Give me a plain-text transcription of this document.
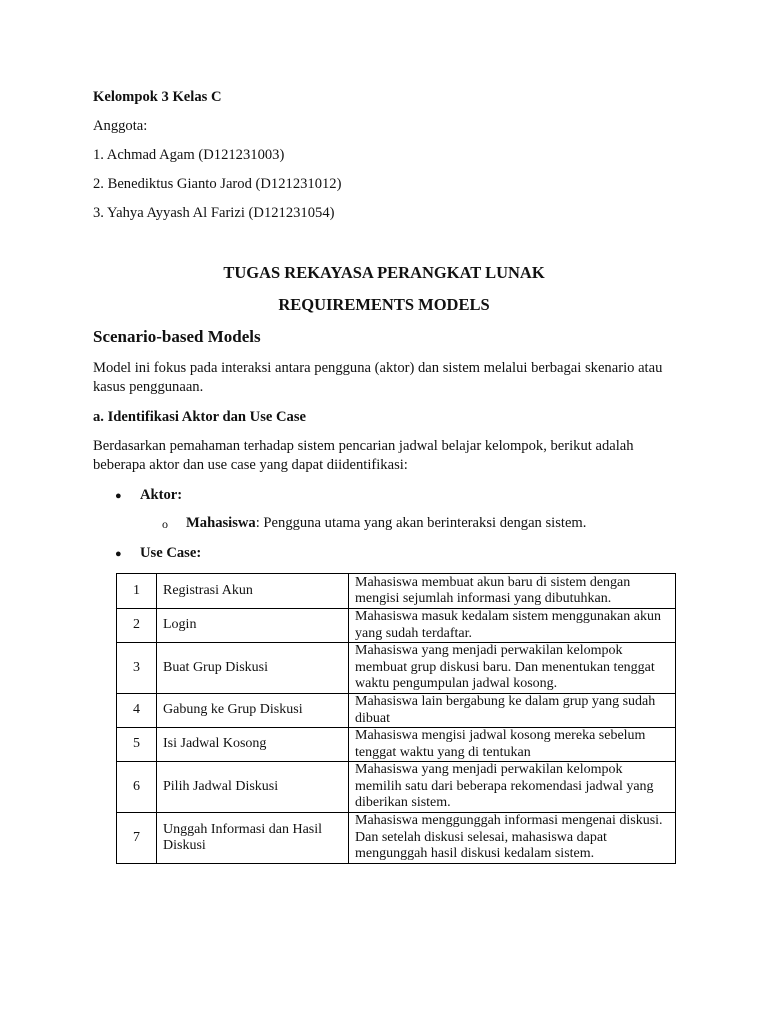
Kelompok 3 Kelas C
Anggota:
1. Achmad Agam (D121231003)
2. Benediktus Gianto Jarod (D121231012)
3. Yahya Ayyash Al Farizi (D121231054)
TUGAS REKAYASA PERANGKAT LUNAK
REQUIREMENTS MODELS
Scenario-based Models
Model ini fokus pada interaksi antara pengguna (aktor) dan sistem melalui berbagai skenario atau kasus penggunaan.
a. Identifikasi Aktor dan Use Case
Berdasarkan pemahaman terhadap sistem pencarian jadwal belajar kelompok, berikut adalah beberapa aktor dan use case yang dapat diidentifikasi:
● Aktor:
o Mahasiswa: Pengguna utama yang akan berinteraksi dengan sistem.
● Use Case:
1	Registrasi Akun	Mahasiswa membuat akun baru di sistem dengan mengisi sejumlah informasi yang dibutuhkan.
2	Login	Mahasiswa masuk kedalam sistem menggunakan akun yang sudah terdaftar.
3	Buat Grup Diskusi	Mahasiswa yang menjadi perwakilan kelompok membuat grup diskusi baru. Dan menentukan tenggat waktu pengumpulan jadwal kosong.
4	Gabung ke Grup Diskusi	Mahasiswa lain bergabung ke dalam grup yang sudah dibuat
5	Isi Jadwal Kosong	Mahasiswa mengisi jadwal kosong mereka sebelum tenggat waktu yang di tentukan
6	Pilih Jadwal Diskusi	Mahasiswa yang menjadi perwakilan kelompok memilih satu dari beberapa rekomendasi jadwal yang diberikan sistem.
7	Unggah Informasi dan Hasil Diskusi	Mahasiswa menggunggah informasi mengenai diskusi. Dan setelah diskusi selesai, mahasiswa dapat mengunggah hasil diskusi kedalam sistem.
